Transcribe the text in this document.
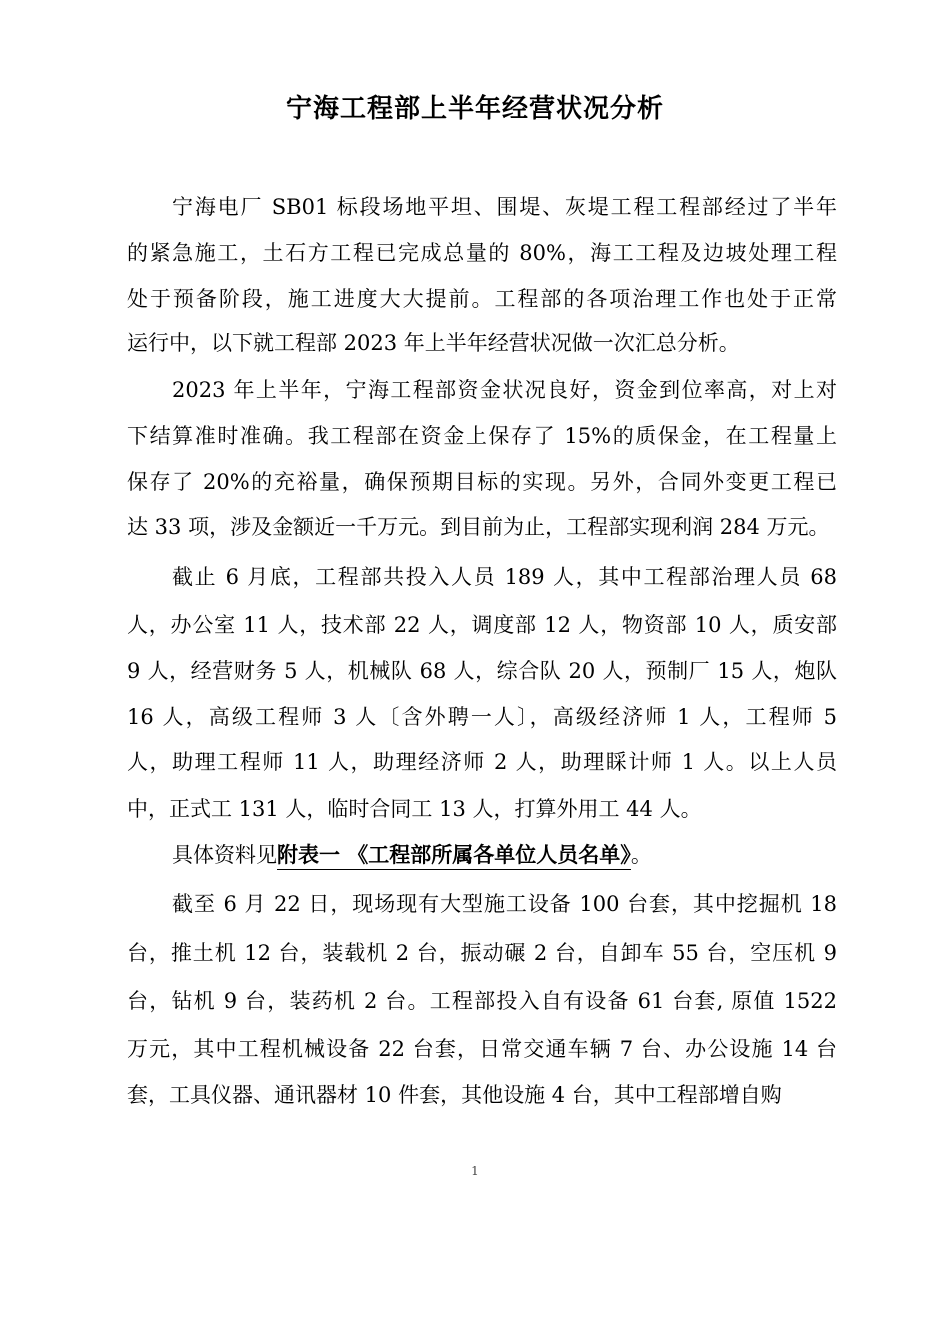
宁海工程部上半年经营状况分析

宁海电厂 SB01 标段场地平坦、围堤、灰堤工程工程部经过了半年

的紧急施工，土石方工程已完成总量的 80%，海工工程及边坡处理工程

处于预备阶段，施工进度大大提前。工程部的各项治理工作也处于正常

运行中，以下就工程部 2023 年上半年经营状况做一次汇总分析。

2023 年上半年，宁海工程部资金状况良好，资金到位率高，对上对

下结算准时准确。我工程部在资金上保存了 15%的质保金，在工程量上

保存了 20%的充裕量，确保预期目标的实现。另外，合同外变更工程已

达 33 项，涉及金额近一千万元。到目前为止，工程部实现利润 284 万元。

截止 6 月底，工程部共投入人员 189 人，其中工程部治理人员 68

人，办公室 11 人，技术部 22 人，调度部 12 人，物资部 10 人，质安部

9 人，经营财务 5 人，机械队 68 人，综合队 20 人，预制厂 15 人，炮队

16 人，高级工程师 3 人〔含外聘一人〕，高级经济师 1 人，工程师 5

人，助理工程师 11 人，助理经济师 2 人，助理睬计师 1 人。以上人员

中，正式工 131 人，临时合同工 13 人，打算外用工 44 人。

具体资料见附表一 《工程部所属各单位人员名单》。

截至 6 月 22 日，现场现有大型施工设备 100 台套，其中挖掘机 18

台，推土机 12 台，装载机 2 台，振动碾 2 台，自卸车 55 台，空压机 9

台，钻机 9 台，装药机 2 台。工程部投入自有设备 61 台套, 原值 1522

万元，其中工程机械设备 22 台套，日常交通车辆 7 台、办公设施 14 台

套，工具仪器、通讯器材 10 件套，其他设施 4 台，其中工程部增自购

1
